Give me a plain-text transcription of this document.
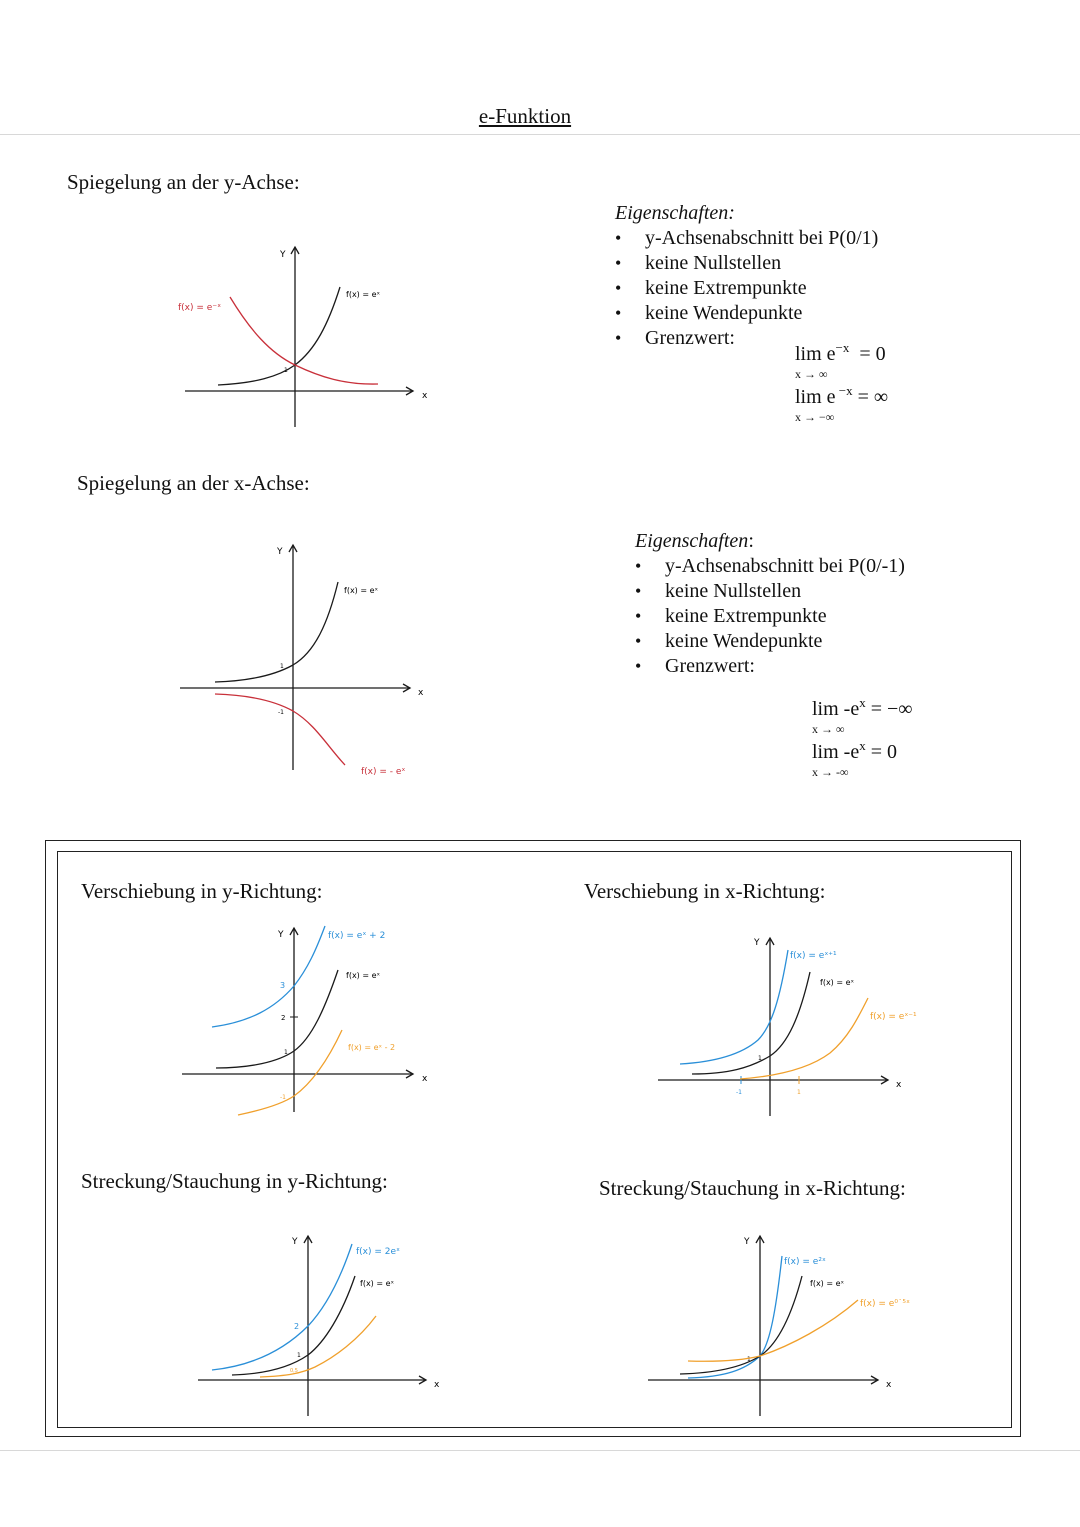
e-Funktion
Spiegelung an der y-Achse:
Y
x
1
f(x) = eˣ
f(x) = e⁻ˣ
Eigenschaften:
• y-Achsenabschnitt bei P(0/1)
• keine Nullstellen
• keine Extrempunkte
• keine Wendepunkte
• Grenzwert:
$\lim e^{-x} = 0$
x → ∞
lim e $^{-x}$ = ∞
x → −∞
Spiegelung an der x-Achse:
Y
x
1
-1
f(x) = eˣ
f(x) = - eˣ
Eigenschaften:
• y-Achsenabschnitt bei P(0/-1)
• keine Nullstellen
• keine Extrempunkte
• keine Wendepunkte
• Grenzwert:
$\lim -e^x$ = −∞
x → ∞
$\lim -e^x = 0$
x → -∞
Verschiebung in y-Richtung:
Y
x
3
2
1
-1
f(x) = eˣ + 2
f(x) = eˣ
f(x) = eˣ - 2
Verschiebung in x-Richtung:
Y
x
1
-1	1
f(x) = eˣ⁺¹
f(x) = eˣ
f(x) = eˣ⁻¹
Streckung/Stauchung in y-Richtung:
Y
x
2
1
0,5
f(x) = 2eˣ
f(x) = eˣ
Streckung/Stauchung in x-Richtung:
Y
x
1
f(x) = e²ˣ
f(x) = eˣ
f(x) = e⁰˙⁵ˣ
